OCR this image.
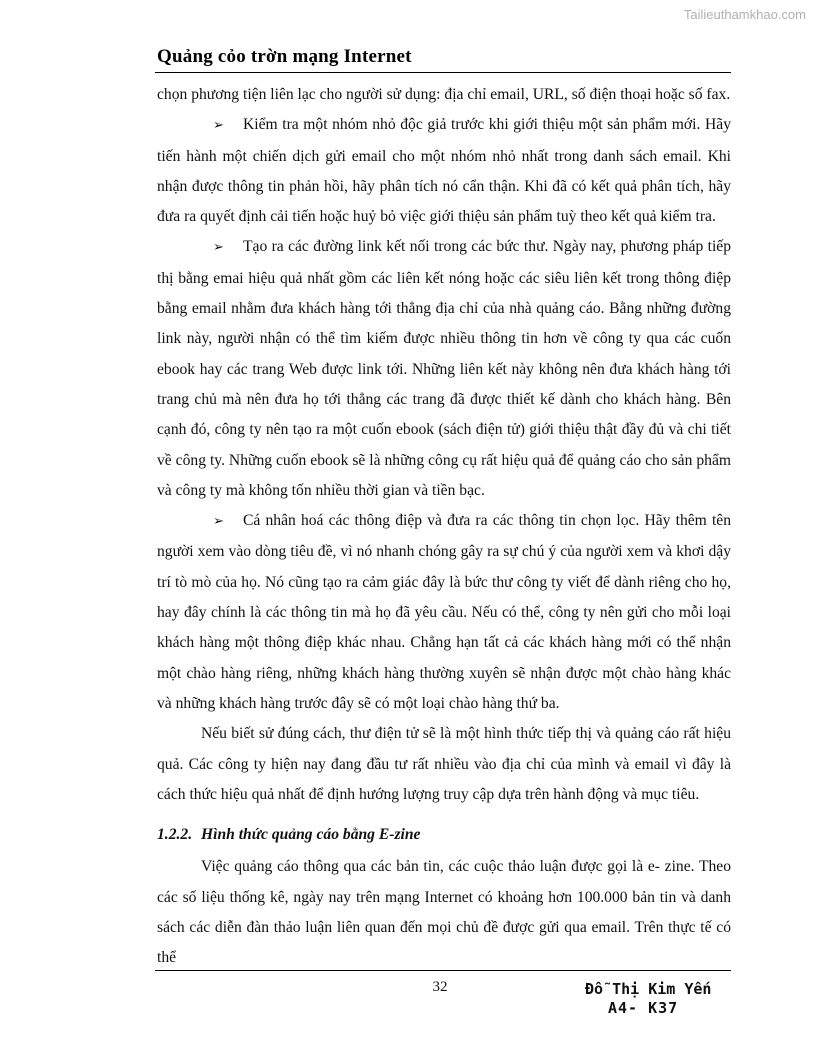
Tailieuthamkhao.com
Quảng cỏo trờn mạng Internet

chọn phương tiện liên lạc cho người sử dụng: địa chỉ email, URL, số điện thoại hoặc số fax.

➢ Kiểm tra một nhóm nhỏ độc giả trước khi giới thiệu một sản phẩm mới. Hãy tiến hành một chiến dịch gửi email cho một nhóm nhỏ nhất trong danh sách email. Khi nhận được thông tin phản hồi, hãy phân tích nó cẩn thận. Khi đã có kết quả phân tích, hãy đưa ra quyết định cải tiến hoặc huỷ bỏ việc giới thiệu sản phẩm tuỳ theo kết quả kiểm tra.

➢ Tạo ra các đường link kết nối trong các bức thư. Ngày nay, phương pháp tiếp thị bằng emai hiệu quả nhất gồm các liên kết nóng hoặc các siêu liên kết trong thông điệp bằng email nhằm đưa khách hàng tới thẳng địa chỉ của nhà quảng cáo. Bằng những đường link này, người nhận có thể tìm kiếm được nhiều thông tin hơn về công ty qua các cuốn ebook hay các trang Web được link tới. Những liên kết này không nên đưa khách hàng tới trang chủ mà nên đưa họ tới thẳng các trang đã được thiết kế dành cho khách hàng. Bên cạnh đó, công ty nên tạo ra một cuốn ebook (sách điện tử) giới thiệu thật đầy đủ và chi tiết về công ty. Những cuốn ebook sẽ là những công cụ rất hiệu quả để quảng cáo cho sản phẩm và công ty mà không tốn nhiều thời gian và tiền bạc.

➢ Cá nhân hoá các thông điệp và đưa ra các thông tin chọn lọc. Hãy thêm tên người xem vào dòng tiêu đề, vì nó nhanh chóng gây ra sự chú ý của người xem và khơi dậy trí tò mò của họ. Nó cũng tạo ra cảm giác đây là bức thư công ty viết để dành riêng cho họ, hay đây chính là các thông tin mà họ đã yêu cầu. Nếu có thể, công ty nên gửi cho mỗi loại khách hàng một thông điệp khác nhau. Chẳng hạn tất cả các khách hàng mới có thể nhận một chào hàng riêng, những khách hàng thường xuyên sẽ nhận được một chào hàng khác và những khách hàng trước đây sẽ có một loại chào hàng thứ ba.

Nếu biết sử đúng cách, thư điện tử sẽ là một hình thức tiếp thị và quảng cáo rất hiệu quả. Các công ty hiện nay đang đầu tư rất nhiều vào địa chỉ của mình và email vì đây là cách thức hiệu quả nhất để định hướng lượng truy cập dựa trên hành động và mục tiêu.

1.2.2. Hình thức quảng cáo bằng E-zine

Việc quảng cáo thông qua các bản tin, các cuộc thảo luận được gọi là e- zine. Theo các số liệu thống kê, ngày nay trên mạng Internet có khoảng hơn 100.000 bản tin và danh sách các diễn đàn thảo luận liên quan đến mọi chủ đề được gửi qua email. Trên thực tế có thể

32	Đỗ Thị Kim Yến
A4- K37
